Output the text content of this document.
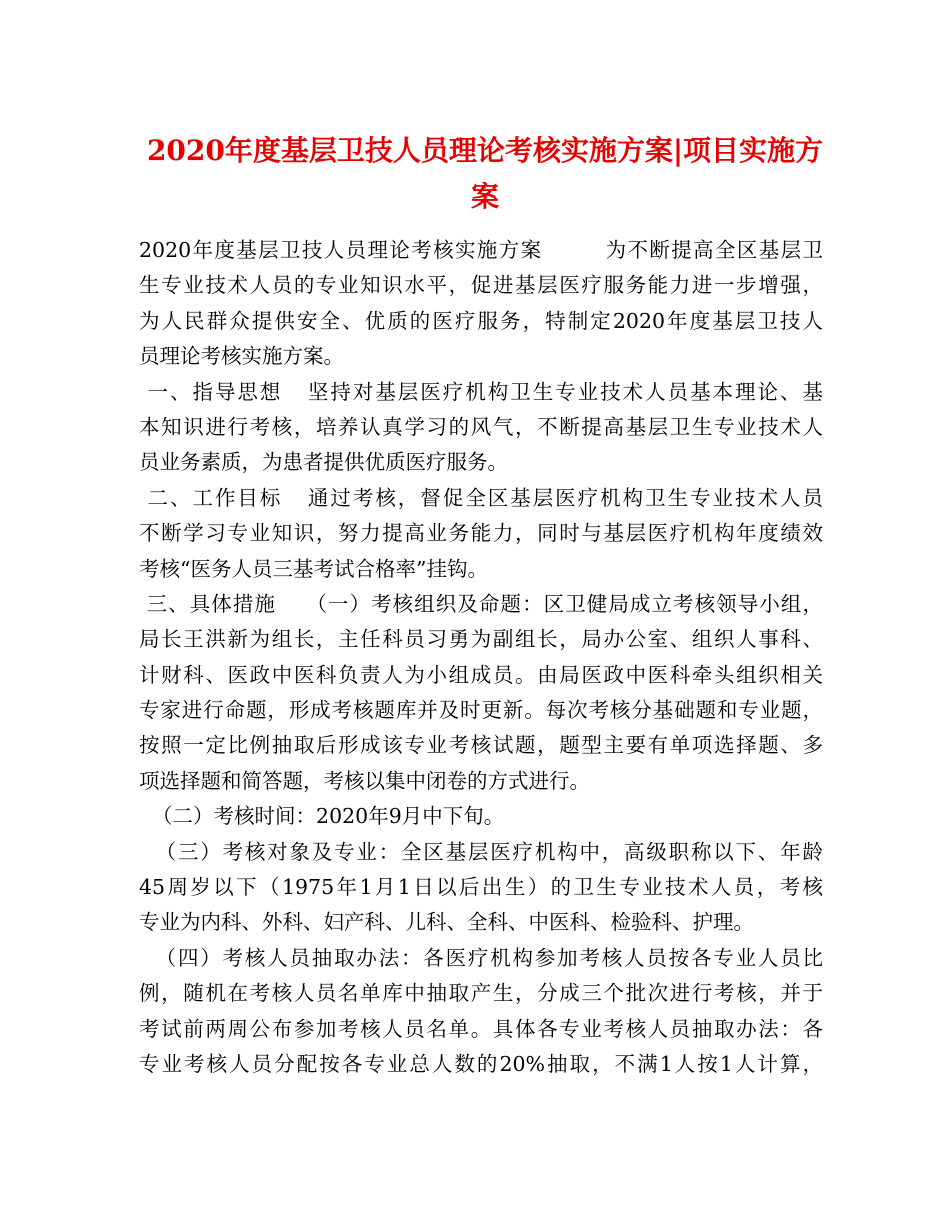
2020年度基层卫技人员理论考核实施方案|项目实施方
案
2020年度基层卫技人员理论考核实施方案        为不断提高全区基层卫
生专业技术人员的专业知识水平，促进基层医疗服务能力进一步增强，
为人民群众提供安全、优质的医疗服务，特制定2020年度基层卫技人
员理论考核实施方案。
一、指导思想   坚持对基层医疗机构卫生专业技术人员基本理论、基
本知识进行考核，培养认真学习的风气，不断提高基层卫生专业技术人
员业务素质，为患者提供优质医疗服务。
二、工作目标   通过考核，督促全区基层医疗机构卫生专业技术人员
不断学习专业知识，努力提高业务能力，同时与基层医疗机构年度绩效
考核“医务人员三基考试合格率”挂钩。
三、具体措施    （一）考核组织及命题：区卫健局成立考核领导小组，
局长王洪新为组长，主任科员习勇为副组长，局办公室、组织人事科、
计财科、医政中医科负责人为小组成员。由局医政中医科牵头组织相关
专家进行命题，形成考核题库并及时更新。每次考核分基础题和专业题，
按照一定比例抽取后形成该专业考核试题，题型主要有单项选择题、多
项选择题和简答题，考核以集中闭卷的方式进行。
（二）考核时间：2020年9月中下旬。
（三）考核对象及专业：全区基层医疗机构中，高级职称以下、年龄
45周岁以下（1975年1月1日以后出生）的卫生专业技术人员，考核
专业为内科、外科、妇产科、儿科、全科、中医科、检验科、护理。
（四）考核人员抽取办法：各医疗机构参加考核人员按各专业人员比
例，随机在考核人员名单库中抽取产生，分成三个批次进行考核，并于
考试前两周公布参加考核人员名单。具体各专业考核人员抽取办法：各
专业考核人员分配按各专业总人数的20%抽取，不满1人按1人计算，
